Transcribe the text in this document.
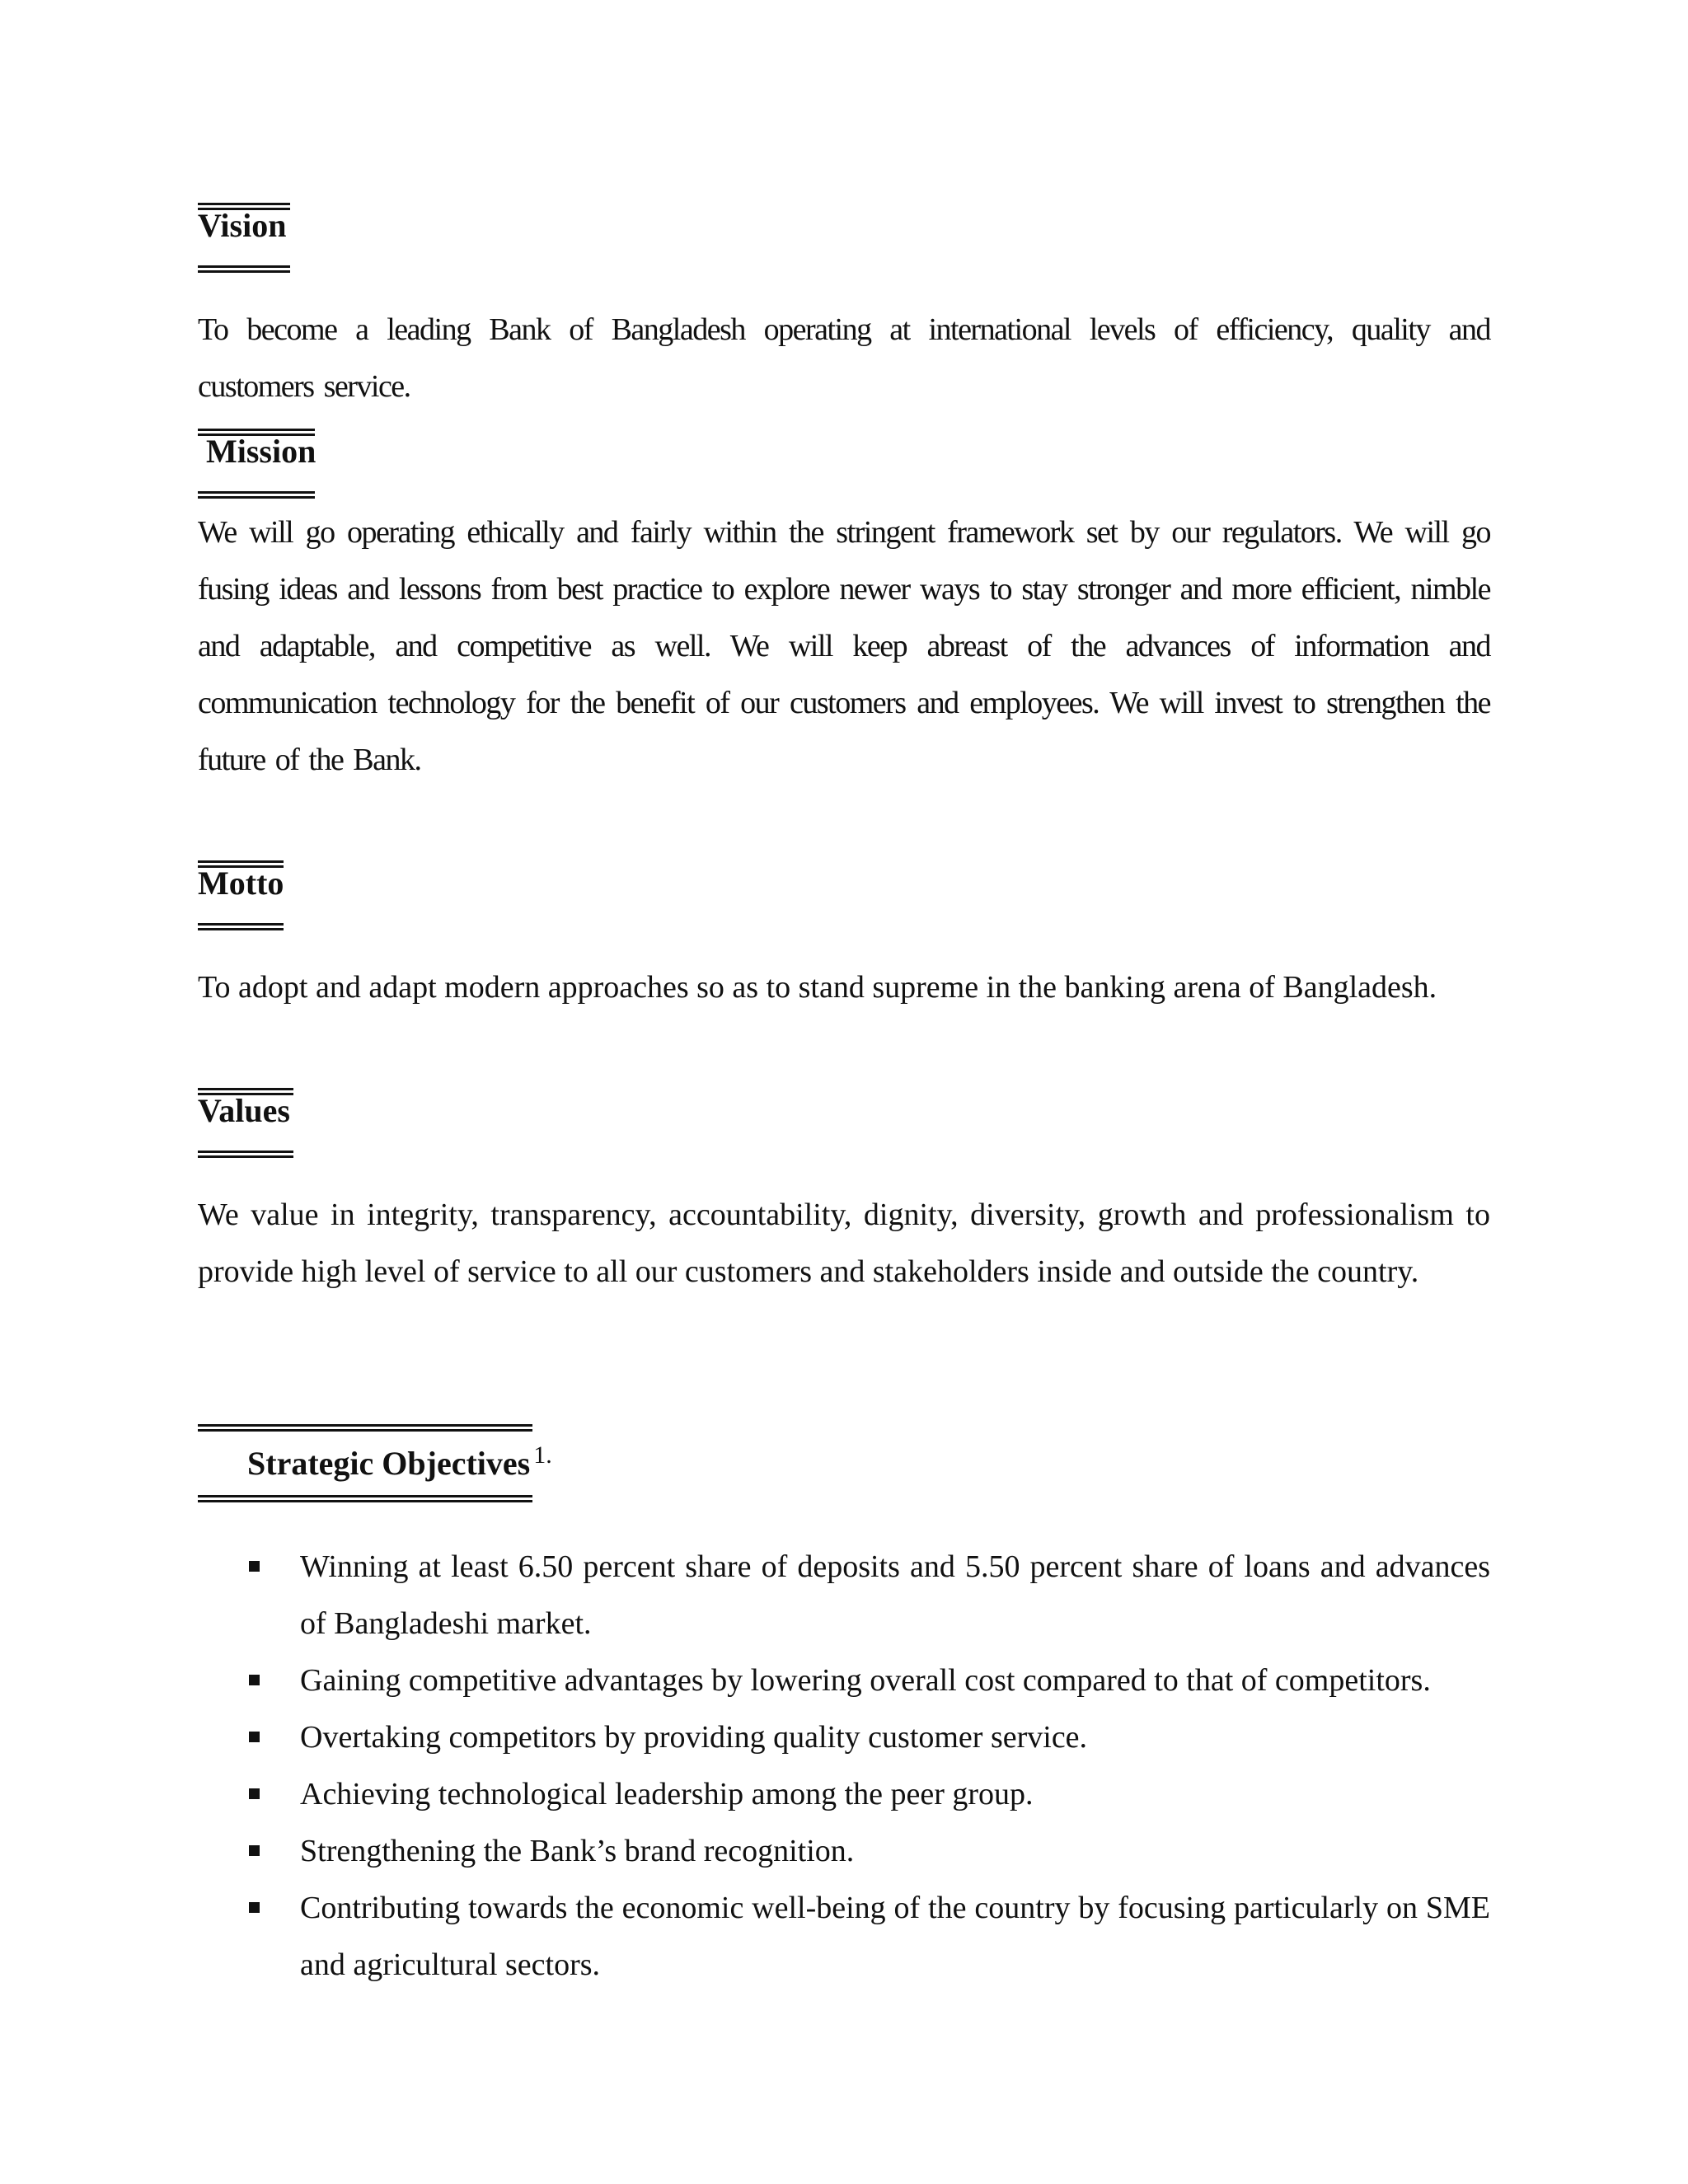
Vision
To become a leading Bank of Bangladesh operating at international levels of efficiency, quality and customers service.
Mission
We will go operating ethically and fairly within the stringent framework set by our regulators. We will go fusing ideas and lessons from best practice to explore newer ways to stay stronger and more efficient, nimble and adaptable, and competitive as well. We will keep abreast of the advances of information and communication technology for the benefit of our customers and employees. We will invest to strengthen the future of the Bank.
Motto
To adopt and adapt modern approaches so as to stand supreme in the banking arena of Bangladesh.
Values
We value in integrity, transparency, accountability, dignity, diversity, growth and professionalism to provide high level of service to all our customers and stakeholders inside and outside the country.
Strategic Objectives $^{1.}$
Winning at least 6.50 percent share of deposits and 5.50 percent share of loans and advances of Bangladeshi market.
Gaining competitive advantages by lowering overall cost compared to that of competitors.
Overtaking competitors by providing quality customer service.
Achieving technological leadership among the peer group.
Strengthening the Bank’s brand recognition.
Contributing towards the economic well-being of the country by focusing particularly on SME and agricultural sectors.
